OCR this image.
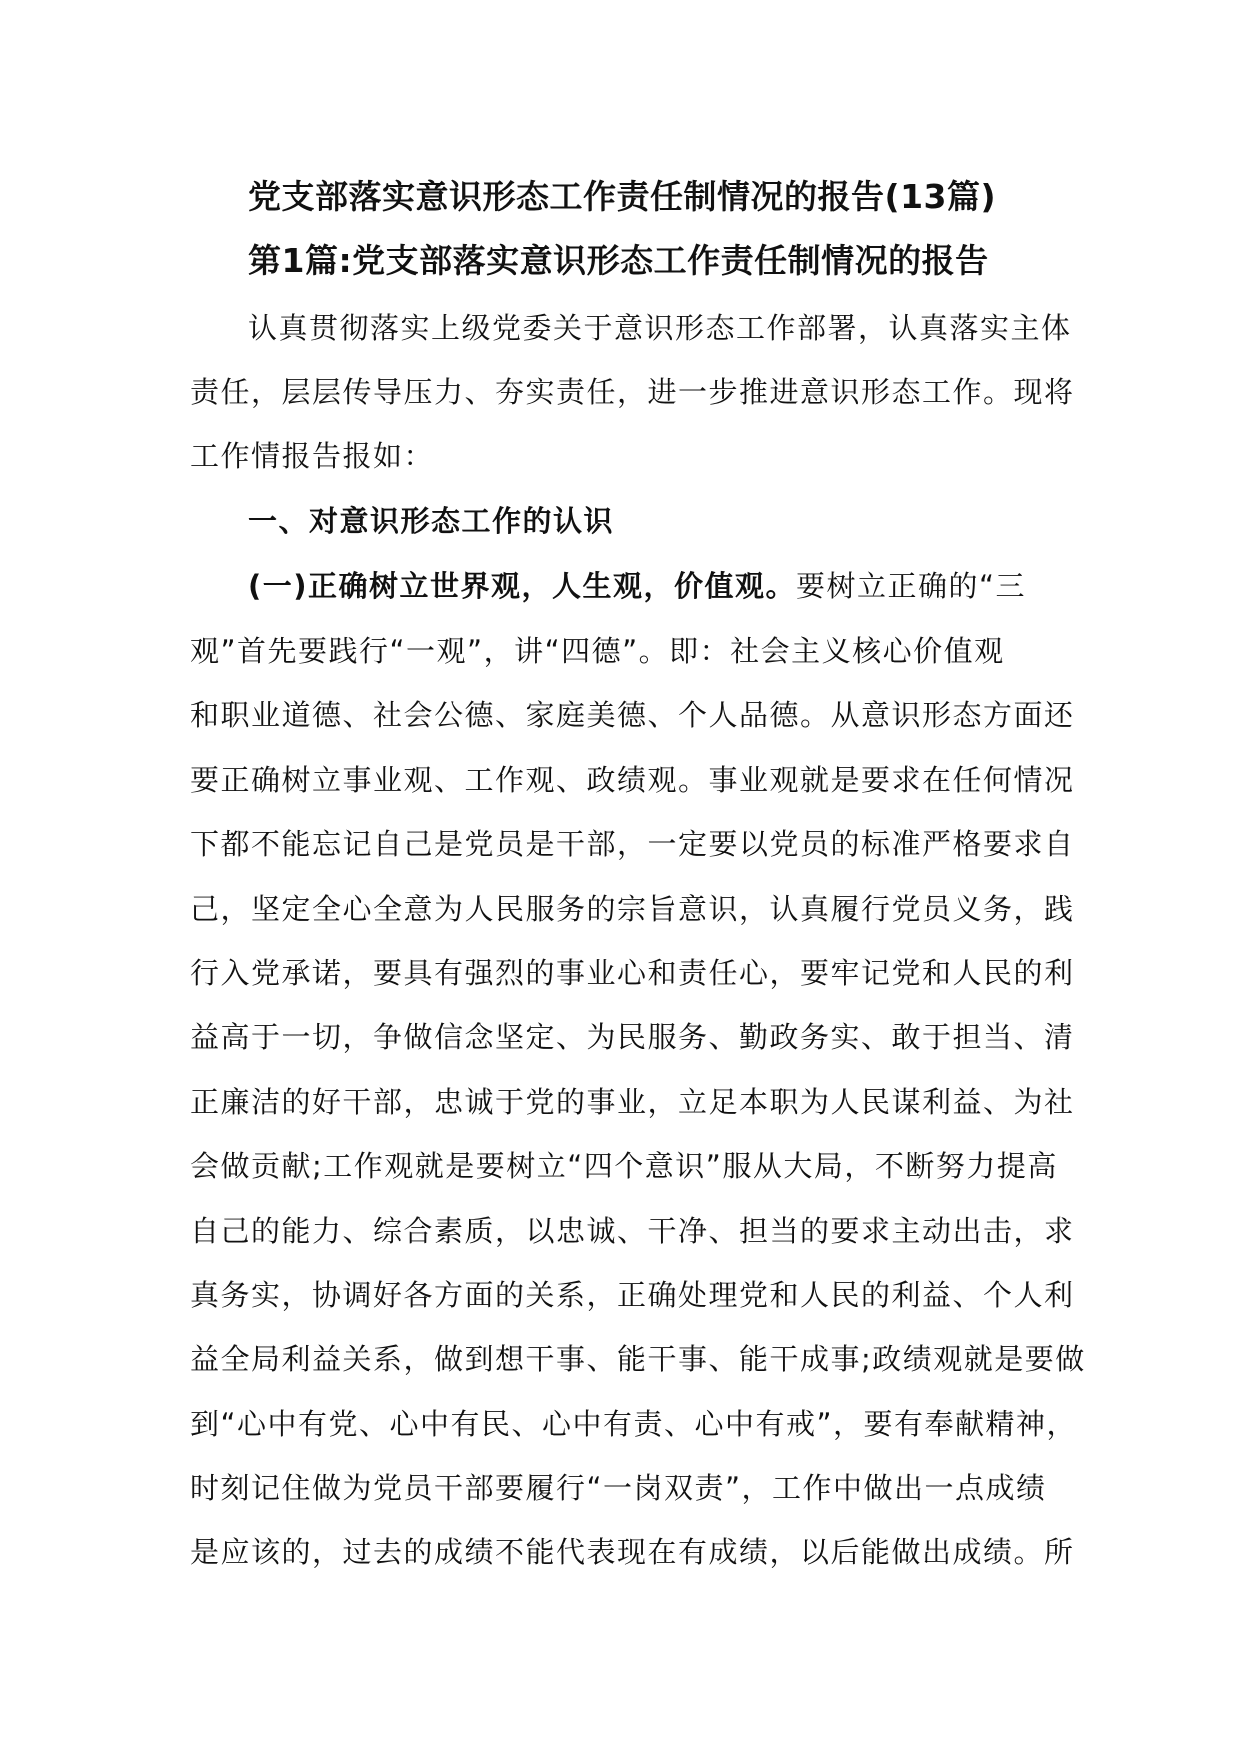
党支部落实意识形态工作责任制情况的报告(13篇)
第1篇:党支部落实意识形态工作责任制情况的报告
认真贯彻落实上级党委关于意识形态工作部署，认真落实主体
责任，层层传导压力、夯实责任，进一步推进意识形态工作。现将
工作情报告报如：
一、对意识形态工作的认识
(一)正确树立世界观，人生观，价值观。要树立正确的“三
观”首先要践行“一观”，讲“四德”。即：社会主义核心价值观
和职业道德、社会公德、家庭美德、个人品德。从意识形态方面还
要正确树立事业观、工作观、政绩观。事业观就是要求在任何情况
下都不能忘记自己是党员是干部，一定要以党员的标准严格要求自
己，坚定全心全意为人民服务的宗旨意识，认真履行党员义务，践
行入党承诺，要具有强烈的事业心和责任心，要牢记党和人民的利
益高于一切，争做信念坚定、为民服务、勤政务实、敢于担当、清
正廉洁的好干部，忠诚于党的事业，立足本职为人民谋利益、为社
会做贡献;工作观就是要树立“四个意识”服从大局，不断努力提高
自己的能力、综合素质，以忠诚、干净、担当的要求主动出击，求
真务实，协调好各方面的关系，正确处理党和人民的利益、个人利
益全局利益关系，做到想干事、能干事、能干成事;政绩观就是要做
到“心中有党、心中有民、心中有责、心中有戒”，要有奉献精神，
时刻记住做为党员干部要履行“一岗双责”，工作中做出一点成绩
是应该的，过去的成绩不能代表现在有成绩，以后能做出成绩。所
